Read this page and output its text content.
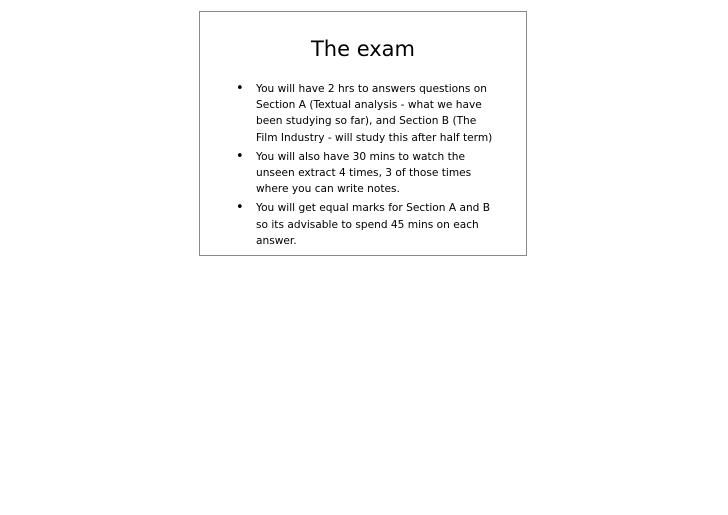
The exam
• You will have 2 hrs to answers questions on Section A (Textual analysis - what we have been studying so far), and Section B (The Film Industry - will study this after half term)
• You will also have 30 mins to watch the unseen extract 4 times, 3 of those times where you can write notes.
• You will get equal marks for Section A and B so its advisable to spend 45 mins on each answer.
